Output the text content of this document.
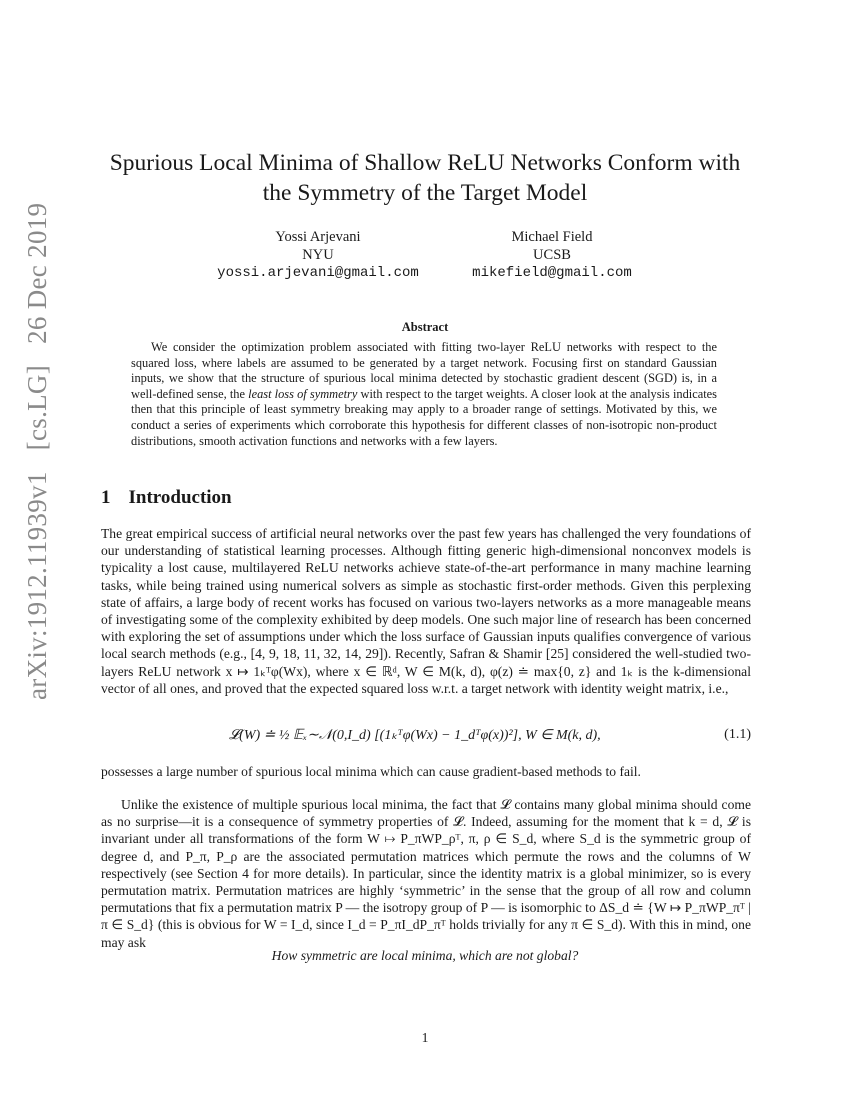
arXiv:1912.11939v1 [cs.LG] 26 Dec 2019
Spurious Local Minima of Shallow ReLU Networks Conform with
the Symmetry of the Target Model
Yossi Arjevani
NYU
yossi.arjevani@gmail.com
Michael Field
UCSB
mikefield@gmail.com
Abstract
We consider the optimization problem associated with fitting two-layer ReLU networks with respect to the squared loss, where labels are assumed to be generated by a target network. Focusing first on standard Gaussian inputs, we show that the structure of spurious local minima detected by stochastic gradient descent (SGD) is, in a well-defined sense, the least loss of symmetry with respect to the target weights. A closer look at the analysis indicates then that this principle of least symmetry breaking may apply to a broader range of settings. Motivated by this, we conduct a series of experiments which corroborate this hypothesis for different classes of non-isotropic non-product distributions, smooth activation functions and networks with a few layers.
1 Introduction
The great empirical success of artificial neural networks over the past few years has challenged the very foundations of our understanding of statistical learning processes. Although fitting generic high-dimensional nonconvex models is typicality a lost cause, multilayered ReLU networks achieve state-of-the-art performance in many machine learning tasks, while being trained using numerical solvers as simple as stochastic first-order methods. Given this perplexing state of affairs, a large body of recent works has focused on various two-layers networks as a more manageable means of investigating some of the complexity exhibited by deep models. One such major line of research has been concerned with exploring the set of assumptions under which the loss surface of Gaussian inputs qualifies convergence of various local search methods (e.g., [4, 9, 18, 11, 32, 14, 29]). Recently, Safran & Shamir [25] considered the well-studied two-layers ReLU network x ↦ 1ₖᵀφ(Wx), where x ∈ ℝᵈ, W ∈ M(k, d), φ(z) ≐ max{0, z} and 1ₖ is the k-dimensional vector of all ones, and proved that the expected squared loss w.r.t. a target network with identity weight matrix, i.e.,
𝓛(W) ≐ ½ 𝔼ₓ∼𝒩(0,I_d) [(1ₖᵀφ(Wx) − 1_dᵀφ(x))²], W ∈ M(k, d),	(1.1)
possesses a large number of spurious local minima which can cause gradient-based methods to fail.
Unlike the existence of multiple spurious local minima, the fact that 𝓛 contains many global minima should come as no surprise—it is a consequence of symmetry properties of 𝓛. Indeed, assuming for the moment that k = d, 𝓛 is invariant under all transformations of the form W ↦ P_πWP_ρᵀ, π, ρ ∈ S_d, where S_d is the symmetric group of degree d, and P_π, P_ρ are the associated permutation matrices which permute the rows and the columns of W respectively (see Section 4 for more details). In particular, since the identity matrix is a global minimizer, so is every permutation matrix. Permutation matrices are highly ‘symmetric’ in the sense that the group of all row and column permutations that fix a permutation matrix P — the isotropy group of P — is isomorphic to ΔS_d ≐ {W ↦ P_πWP_πᵀ | π ∈ S_d} (this is obvious for W = I_d, since I_d = P_πI_dP_πᵀ holds trivially for any π ∈ S_d). With this in mind, one may ask
How symmetric are local minima, which are not global?
1
